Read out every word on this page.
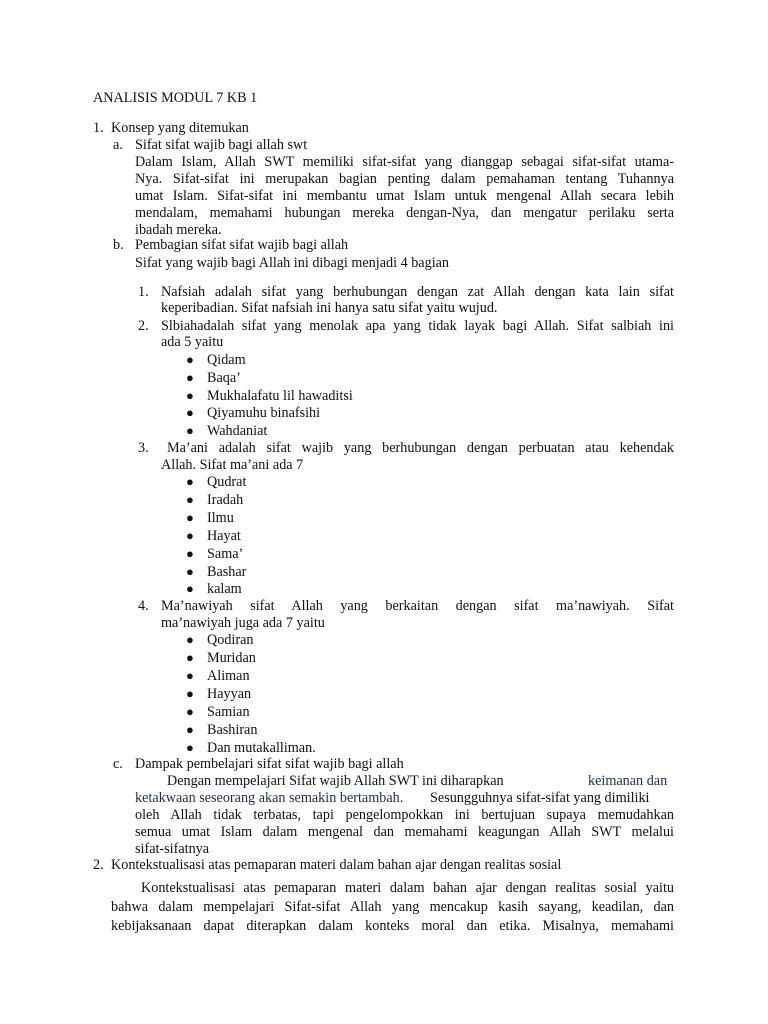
ANALISIS MODUL 7 KB 1
1. Konsep yang ditemukan
a. Sifat sifat wajib bagi allah swt
Dalam Islam, Allah SWT memiliki sifat-sifat yang dianggap sebagai sifat-sifat utama-
Nya. Sifat-sifat ini merupakan bagian penting dalam pemahaman tentang Tuhannya
umat Islam. Sifat-sifat ini membantu umat Islam untuk mengenal Allah secara lebih
mendalam, memahami hubungan mereka dengan-Nya, dan mengatur perilaku serta
ibadah mereka.
b. Pembagian sifat sifat wajib bagi allah
Sifat yang wajib bagi Allah ini dibagi menjadi 4 bagian
1. Nafsiah adalah sifat yang berhubungan dengan zat Allah dengan kata lain sifat
keperibadian. Sifat nafsiah ini hanya satu sifat yaitu wujud.
2. Slbiahadalah sifat yang menolak apa yang tidak layak bagi Allah. Sifat salbiah ini
ada 5 yaitu
● Qidam
● Baqa’
● Mukhalafatu lil hawaditsi
● Qiyamuhu binafsihi
● Wahdaniat
3. Ma’ani adalah sifat wajib yang berhubungan dengan perbuatan atau kehendak
Allah. Sifat ma’ani ada 7
● Qudrat
● Iradah
● Ilmu
● Hayat
● Sama’
● Bashar
● kalam
4. Ma’nawiyah sifat Allah yang berkaitan dengan sifat ma’nawiyah. Sifat
ma’nawiyah juga ada 7 yaitu
● Qodiran
● Muridan
● Aliman
● Hayyan
● Samian
● Bashiran
● Dan mutakalliman.
c. Dampak pembelajari sifat sifat wajib bagi allah
Dengan mempelajari Sifat wajib Allah SWT ini diharapkan	keimanan dan
ketakwaan seseorang akan semakin bertambah. Sesungguhnya sifat-sifat yang dimiliki
oleh Allah tidak terbatas, tapi pengelompokkan ini bertujuan supaya memudahkan
semua umat Islam dalam mengenal dan memahami keagungan Allah SWT melalui
sifat-sifatnya
2. Kontekstualisasi atas pemaparan materi dalam bahan ajar dengan realitas sosial
Kontekstualisasi atas pemaparan materi dalam bahan ajar dengan realitas sosial yaitu
bahwa dalam mempelajari Sifat-sifat Allah yang mencakup kasih sayang, keadilan, dan
kebijaksanaan dapat diterapkan dalam konteks moral dan etika. Misalnya, memahami
